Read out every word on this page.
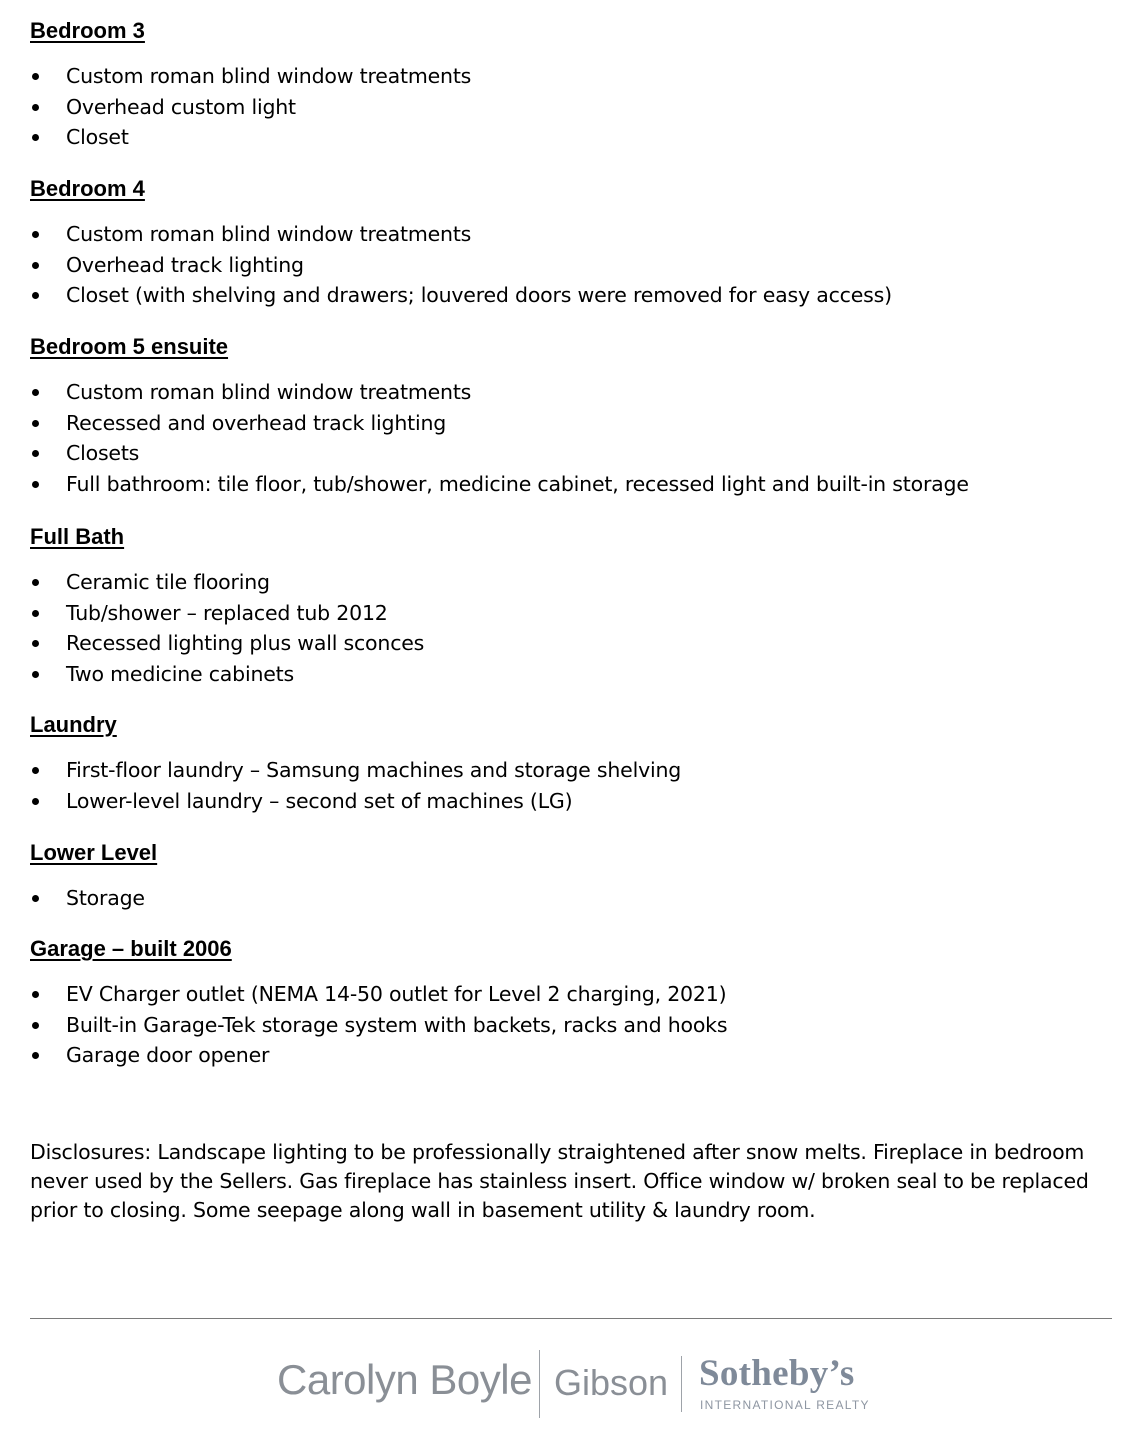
Bedroom 3
Custom roman blind window treatments
Overhead custom light
Closet
Bedroom 4
Custom roman blind window treatments
Overhead track lighting
Closet (with shelving and drawers; louvered doors were removed for easy access)
Bedroom 5 ensuite
Custom roman blind window treatments
Recessed and overhead track lighting
Closets
Full bathroom: tile floor, tub/shower, medicine cabinet, recessed light and built-in storage
Full Bath
Ceramic tile flooring
Tub/shower – replaced tub 2012
Recessed lighting plus wall sconces
Two medicine cabinets
Laundry
First-floor laundry – Samsung machines and storage shelving
Lower-level laundry – second set of machines (LG)
Lower Level
Storage
Garage – built 2006
EV Charger outlet (NEMA 14-50 outlet for Level 2 charging, 2021)
Built-in Garage-Tek storage system with backets, racks and hooks
Garage door opener

Disclosures: Landscape lighting to be professionally straightened after snow melts. Fireplace in bedroom never used by the Sellers. Gas fireplace has stainless insert. Office window w/ broken seal to be replaced prior to closing. Some seepage along wall in basement utility & laundry room.

Carolyn Boyle Gibson Sotheby’s
INTERNATIONAL REALTY
